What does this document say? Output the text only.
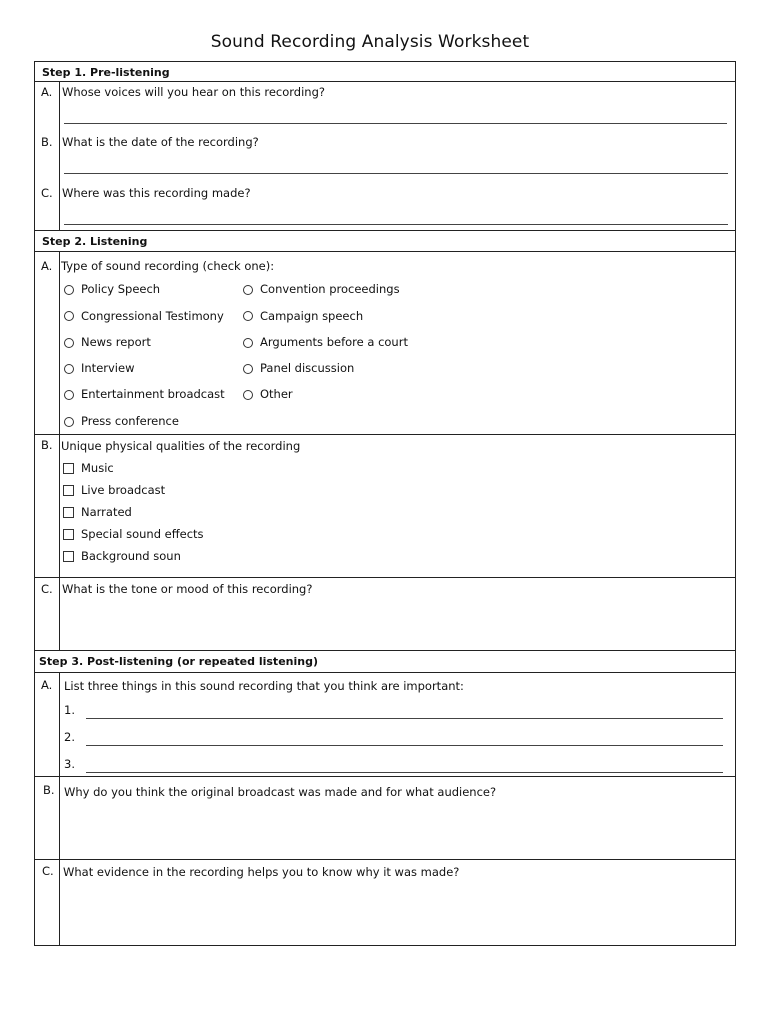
Sound Recording Analysis Worksheet
Step 1. Pre-listening
A. Whose voices will you hear on this recording?
B. What is the date of the recording?
C. Where was this recording made?
Step 2. Listening
A. Type of sound recording (check one):
Policy Speech
Congressional Testimony
News report
Interview
Entertainment broadcast
Press conference
Convention proceedings
Campaign speech
Arguments before a court
Panel discussion
Other
B. Unique physical qualities of the recording
Music
Live broadcast
Narrated
Special sound effects
Background soun
C. What is the tone or mood of this recording?
Step 3. Post-listening (or repeated listening)
A. List three things in this sound recording that you think are important:
1.
2.
3.
B. Why do you think the original broadcast was made and for what audience?
C. What evidence in the recording helps you to know why it was made?
